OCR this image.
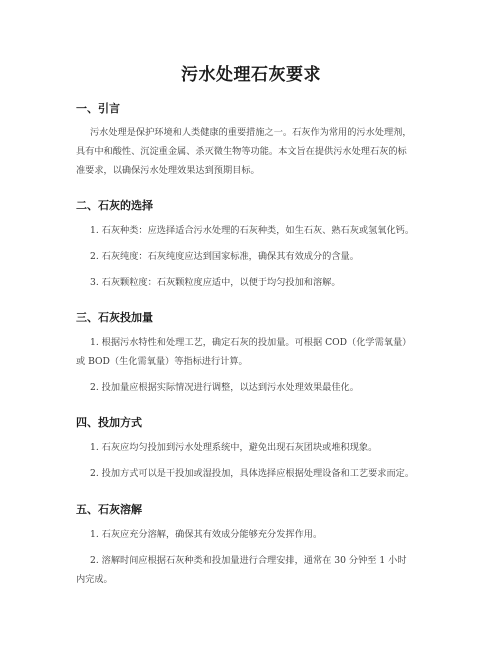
污水处理石灰要求
一、引言
污水处理是保护环境和人类健康的重要措施之一。石灰作为常用的污水处理剂，
具有中和酸性、沉淀重金属、杀灭微生物等功能。本文旨在提供污水处理石灰的标
准要求，以确保污水处理效果达到预期目标。
二、石灰的选择
1. 石灰种类：应选择适合污水处理的石灰种类，如生石灰、熟石灰或氢氧化钙。
2. 石灰纯度：石灰纯度应达到国家标准，确保其有效成分的含量。
3. 石灰颗粒度：石灰颗粒度应适中，以便于均匀投加和溶解。
三、石灰投加量
1. 根据污水特性和处理工艺，确定石灰的投加量。可根据 COD（化学需氧量）
或 BOD（生化需氧量）等指标进行计算。
2. 投加量应根据实际情况进行调整，以达到污水处理效果最佳化。
四、投加方式
1. 石灰应均匀投加到污水处理系统中，避免出现石灰团块或堆积现象。
2. 投加方式可以是干投加或湿投加，具体选择应根据处理设备和工艺要求而定。
五、石灰溶解
1. 石灰应充分溶解，确保其有效成分能够充分发挥作用。
2. 溶解时间应根据石灰种类和投加量进行合理安排，通常在 30 分钟至 1 小时
内完成。
